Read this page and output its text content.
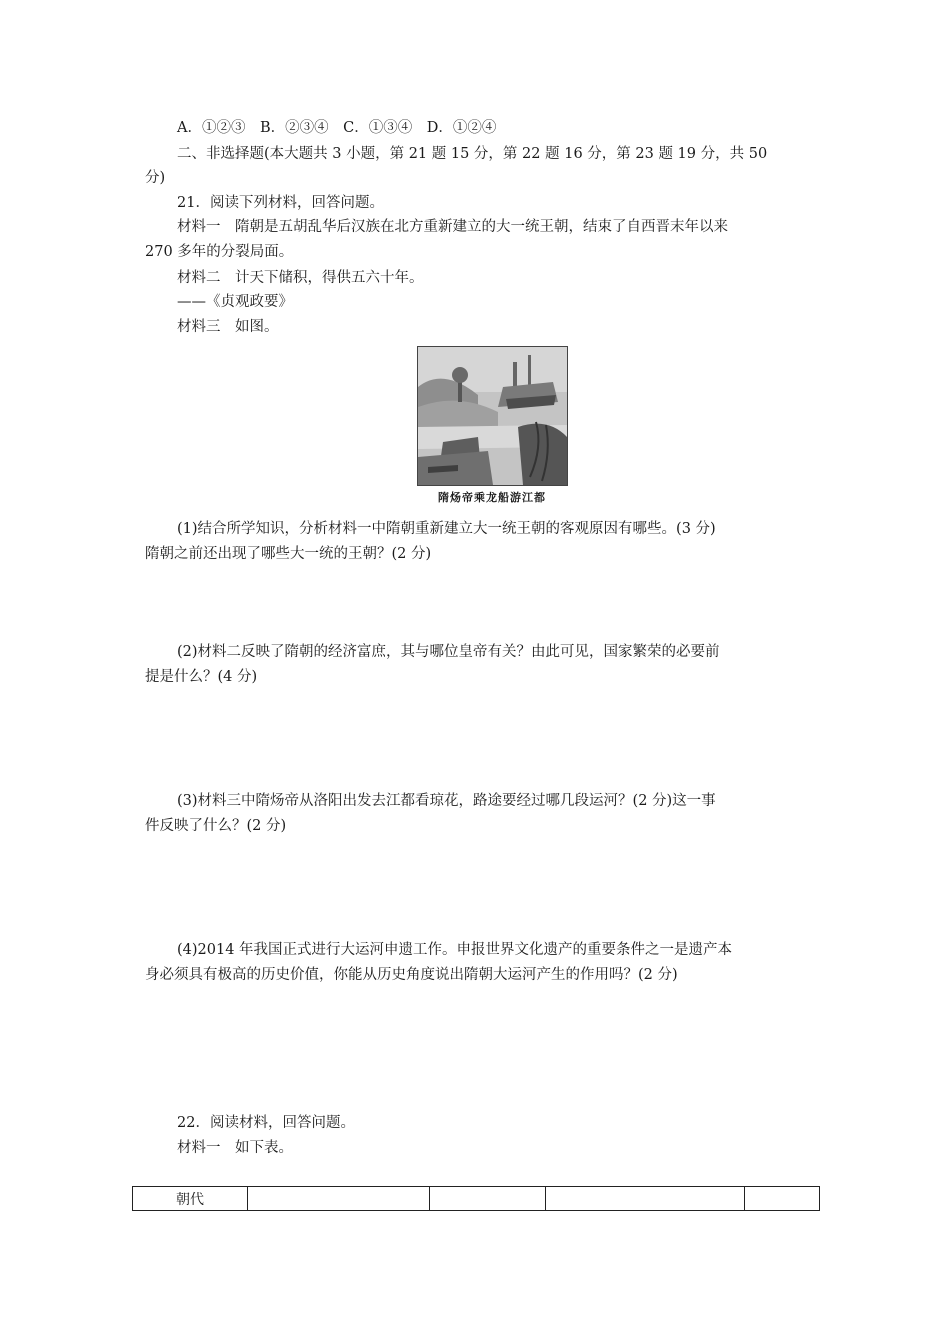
A．①②③　B．②③④　C．①③④　D．①②④
二、非选择题(本大题共 3 小题，第 21 题 15 分，第 22 题 16 分，第 23 题 19 分，共 50
分)
21．阅读下列材料，回答问题。
材料一　隋朝是五胡乱华后汉族在北方重新建立的大一统王朝，结束了自西晋末年以来
270 多年的分裂局面。
材料二　计天下储积，得供五六十年。
——《贞观政要》
材料三　如图。
隋炀帝乘龙船游江都
(1)结合所学知识，分析材料一中隋朝重新建立大一统王朝的客观原因有哪些。(3 分)
隋朝之前还出现了哪些大一统的王朝？(2 分)
(2)材料二反映了隋朝的经济富庶，其与哪位皇帝有关？由此可见，国家繁荣的必要前
提是什么？(4 分)
(3)材料三中隋炀帝从洛阳出发去江都看琼花，路途要经过哪几段运河？(2 分)这一事
件反映了什么？(2 分)
(4)2014 年我国正式进行大运河申遗工作。申报世界文化遗产的重要条件之一是遗产本
身必须具有极高的历史价值，你能从历史角度说出隋朝大运河产生的作用吗？(2 分)
22．阅读材料，回答问题。
材料一　如下表。
朝代				
